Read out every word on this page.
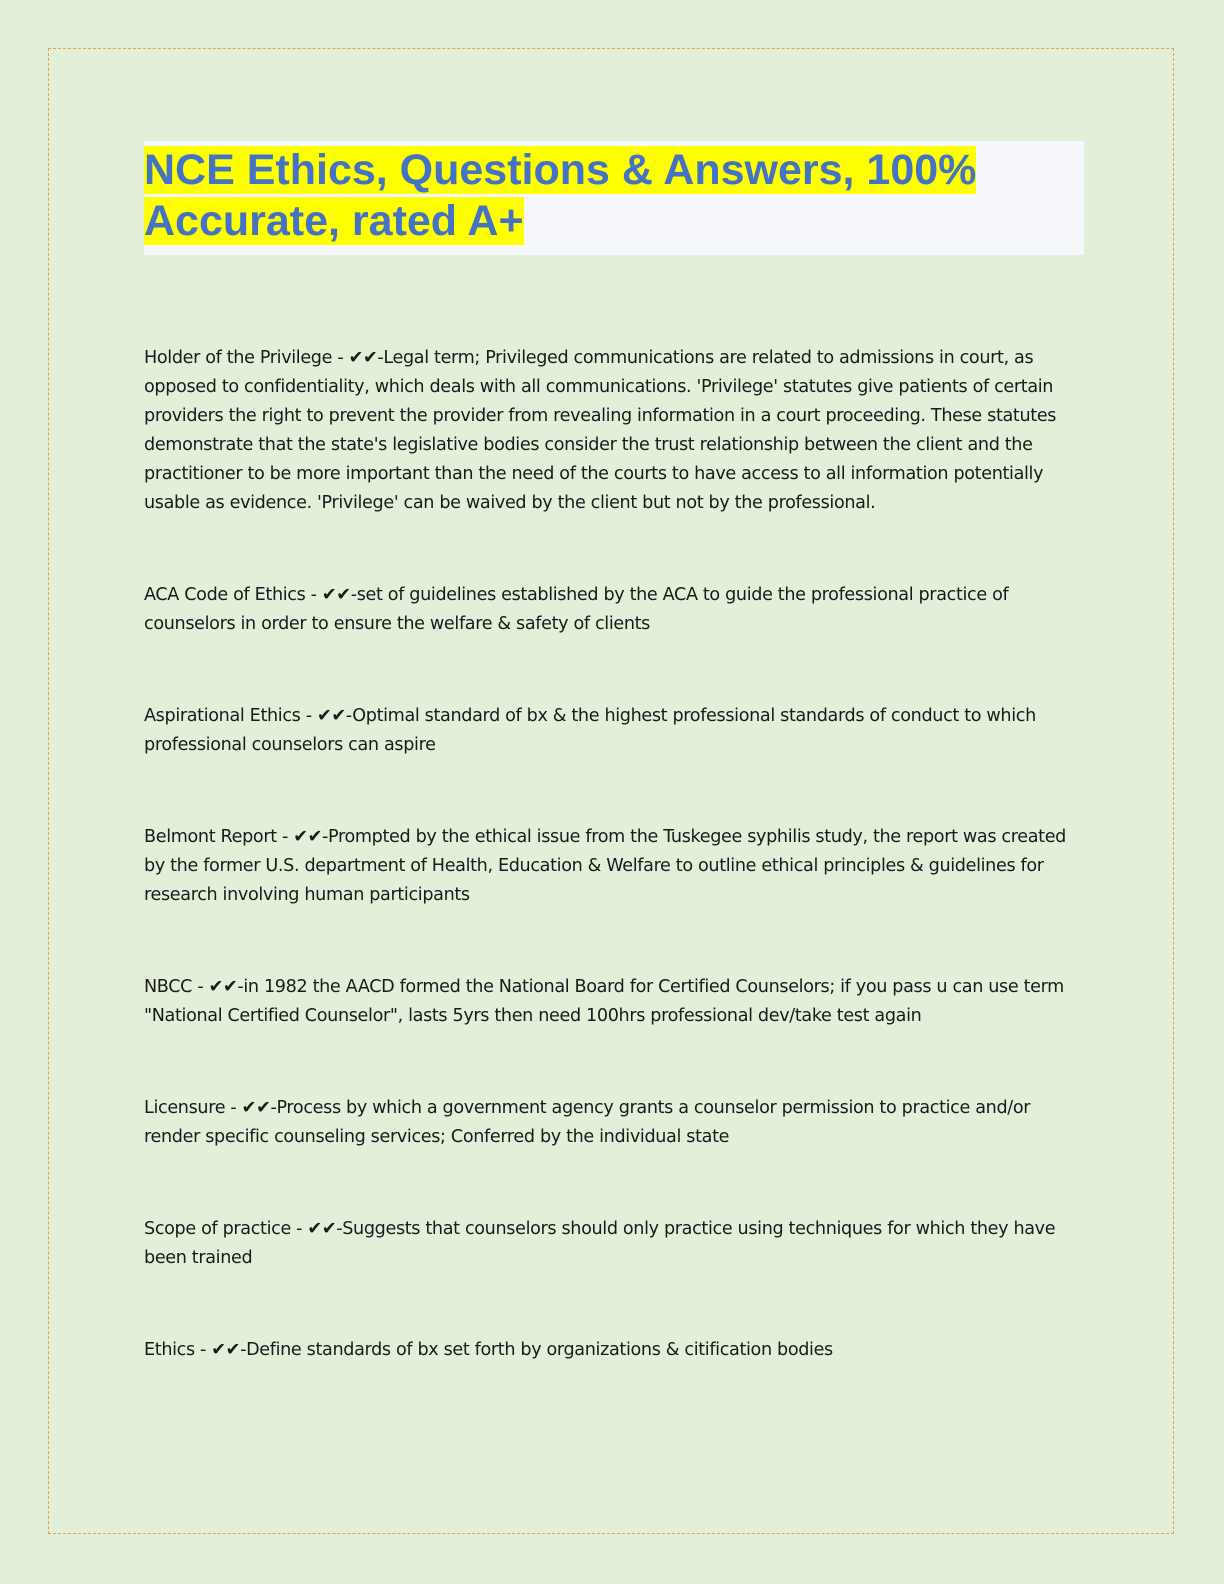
NCE Ethics, Questions & Answers, 100% Accurate, rated A+

Holder of the Privilege - ✔✔-Legal term; Privileged communications are related to admissions in court, as opposed to confidentiality, which deals with all communications. 'Privilege' statutes give patients of certain providers the right to prevent the provider from revealing information in a court proceeding. These statutes demonstrate that the state's legislative bodies consider the trust relationship between the client and the practitioner to be more important than the need of the courts to have access to all information potentially usable as evidence. 'Privilege' can be waived by the client but not by the professional.

ACA Code of Ethics - ✔✔-set of guidelines established by the ACA to guide the professional practice of counselors in order to ensure the welfare & safety of clients

Aspirational Ethics - ✔✔-Optimal standard of bx & the highest professional standards of conduct to which professional counselors can aspire

Belmont Report - ✔✔-Prompted by the ethical issue from the Tuskegee syphilis study, the report was created by the former U.S. department of Health, Education & Welfare to outline ethical principles & guidelines for research involving human participants

NBCC - ✔✔-in 1982 the AACD formed the National Board for Certified Counselors; if you pass u can use term "National Certified Counselor", lasts 5yrs then need 100hrs professional dev/take test again

Licensure - ✔✔-Process by which a government agency grants a counselor permission to practice and/or render specific counseling services; Conferred by the individual state

Scope of practice - ✔✔-Suggests that counselors should only practice using techniques for which they have been trained

Ethics - ✔✔-Define standards of bx set forth by organizations & citification bodies
